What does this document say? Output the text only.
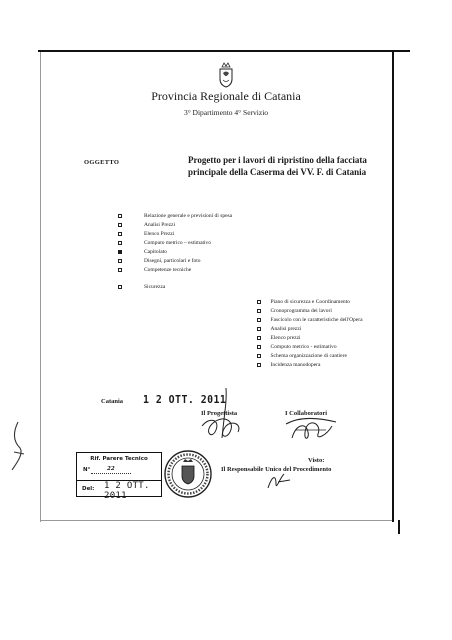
Provincia Regionale di Catania
3° Dipartimento 4° Servizio
OGGETTO	Progetto per i lavori di ripristino della facciata
principale della Caserma dei VV. F. di Catania
Relazione generale e previsioni di spesa
Analisi Prezzi
Elenco Prezzi
Computo metrico – estimativo
Capitolato
Disegni, particolari e foto
Competenze tecniche
Sicurezza
Piano di sicurezza e Coordinamento
Cronoprogramma dei lavori
Fascicolo con le caratteristiche dell'Opera
Analisi prezzi
Elenco prezzi
Computo metrico - estimativo
Schema organizzazione di cantiere
Incidenza manodopera
Catania 1 2 OTT. 2011
Il Progettista	I Collaboratori
Visto:
Il Responsabile Unico del Procedimento
Rif. Parere Tecnico
N°	22
Del: 1 2 OTT. 2011
